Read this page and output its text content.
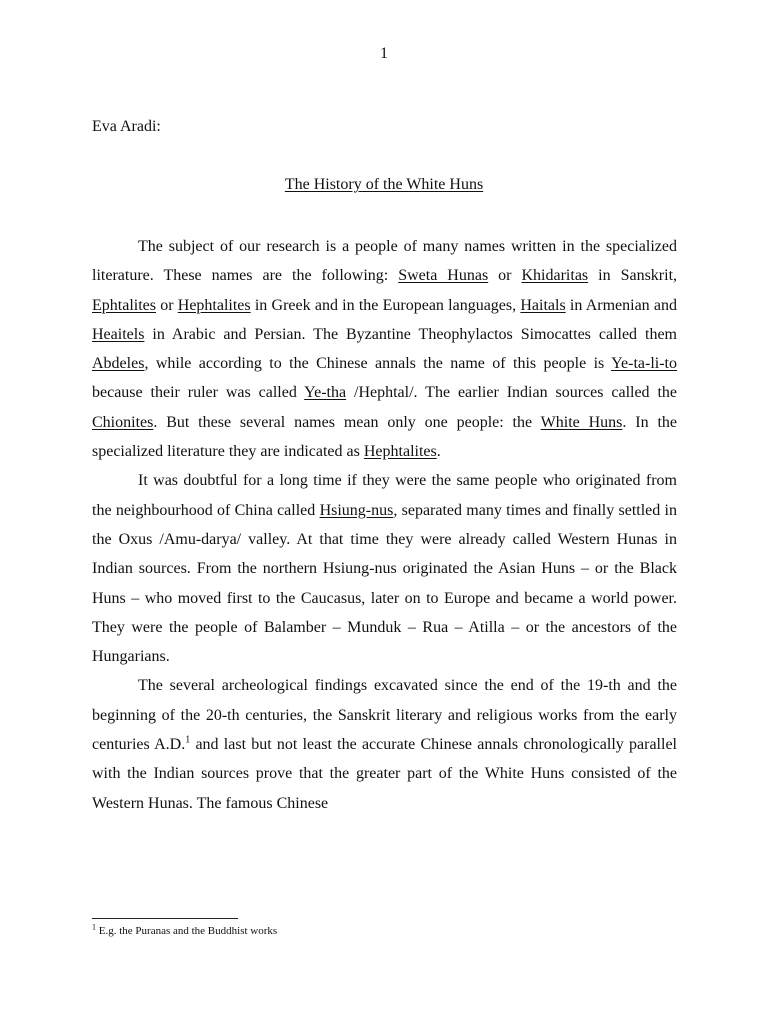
1
Eva Aradi:
The History of the White Huns

The subject of our research is a people of many names written in the specialized literature. These names are the following: Sweta Hunas or Khidaritas in Sanskrit, Ephtalites or Hephtalites in Greek and in the European languages, Haitals in Armenian and Heaitels in Arabic and Persian. The Byzantine Theophylactos Simocattes called them Abdeles, while according to the Chinese annals the name of this people is Ye-ta-li-to because their ruler was called Ye-tha /Hephtal/. The earlier Indian sources called the Chionites. But these several names mean only one people: the White Huns. In the specialized literature they are indicated as Hephtalites.

It was doubtful for a long time if they were the same people who originated from the neighbourhood of China called Hsiung-nus, separated many times and finally settled in the Oxus /Amu-darya/ valley. At that time they were already called Western Hunas in Indian sources. From the northern Hsiung-nus originated the Asian Huns – or the Black Huns – who moved first to the Caucasus, later on to Europe and became a world power. They were the people of Balamber – Munduk – Rua – Atilla – or the ancestors of the Hungarians.

The several archeological findings excavated since the end of the 19-th and the beginning of the 20-th centuries, the Sanskrit literary and religious works from the early centuries A.D.$^1$ and last but not least the accurate Chinese annals chronologically parallel with the Indian sources prove that the greater part of the White Huns consisted of the Western Hunas. The famous Chinese

$^1$ E.g. the Puranas and the Buddhist works
